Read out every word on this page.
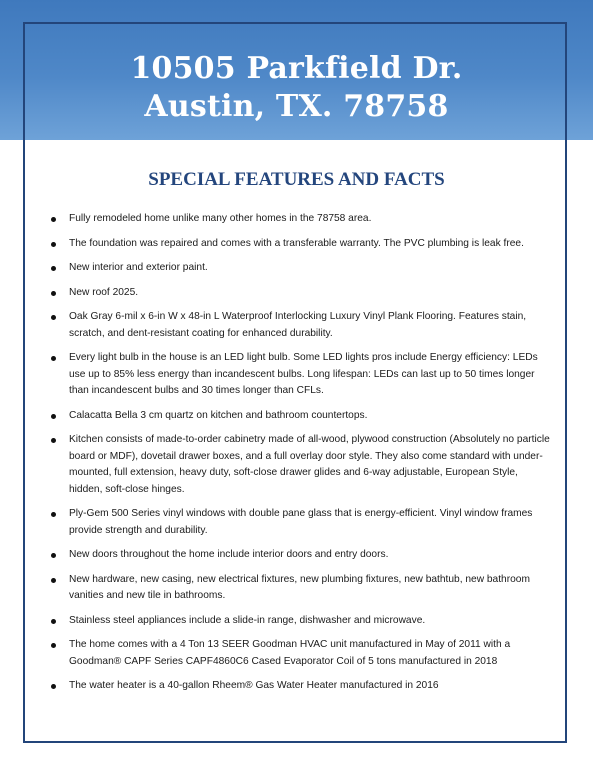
10505 Parkfield Dr.
Austin, TX. 78758
SPECIAL FEATURES AND FACTS
Fully remodeled home unlike many other homes in the 78758 area.
The foundation was repaired and comes with a transferable warranty. The PVC plumbing is leak free.
New interior and exterior paint.
New roof 2025.
Oak Gray 6-mil x 6-in W x 48-in L Waterproof Interlocking Luxury Vinyl Plank Flooring. Features stain, scratch, and dent-resistant coating for enhanced durability.
Every light bulb in the house is an LED light bulb. Some LED lights pros include Energy efficiency: LEDs use up to 85% less energy than incandescent bulbs. Long lifespan: LEDs can last up to 50 times longer than incandescent bulbs and 30 times longer than CFLs.
Calacatta Bella 3 cm quartz on kitchen and bathroom countertops.
Kitchen consists of made-to-order cabinetry made of all-wood, plywood construction (Absolutely no particle board or MDF), dovetail drawer boxes, and a full overlay door style. They also come standard with under-mounted, full extension, heavy duty, soft-close drawer glides and 6-way adjustable, European Style, hidden, soft-close hinges.
Ply-Gem 500 Series vinyl windows with double pane glass that is energy-efficient. Vinyl window frames provide strength and durability.
New doors throughout the home include interior doors and entry doors.
New hardware, new casing, new electrical fixtures, new plumbing fixtures, new bathtub, new bathroom vanities and new tile in bathrooms.
Stainless steel appliances include a slide-in range, dishwasher and microwave.
The home comes with a 4 Ton 13 SEER Goodman HVAC unit manufactured in May of 2011 with a Goodman® CAPF Series CAPF4860C6 Cased Evaporator Coil of 5 tons manufactured in 2018
The water heater is a 40-gallon Rheem® Gas Water Heater manufactured in 2016
